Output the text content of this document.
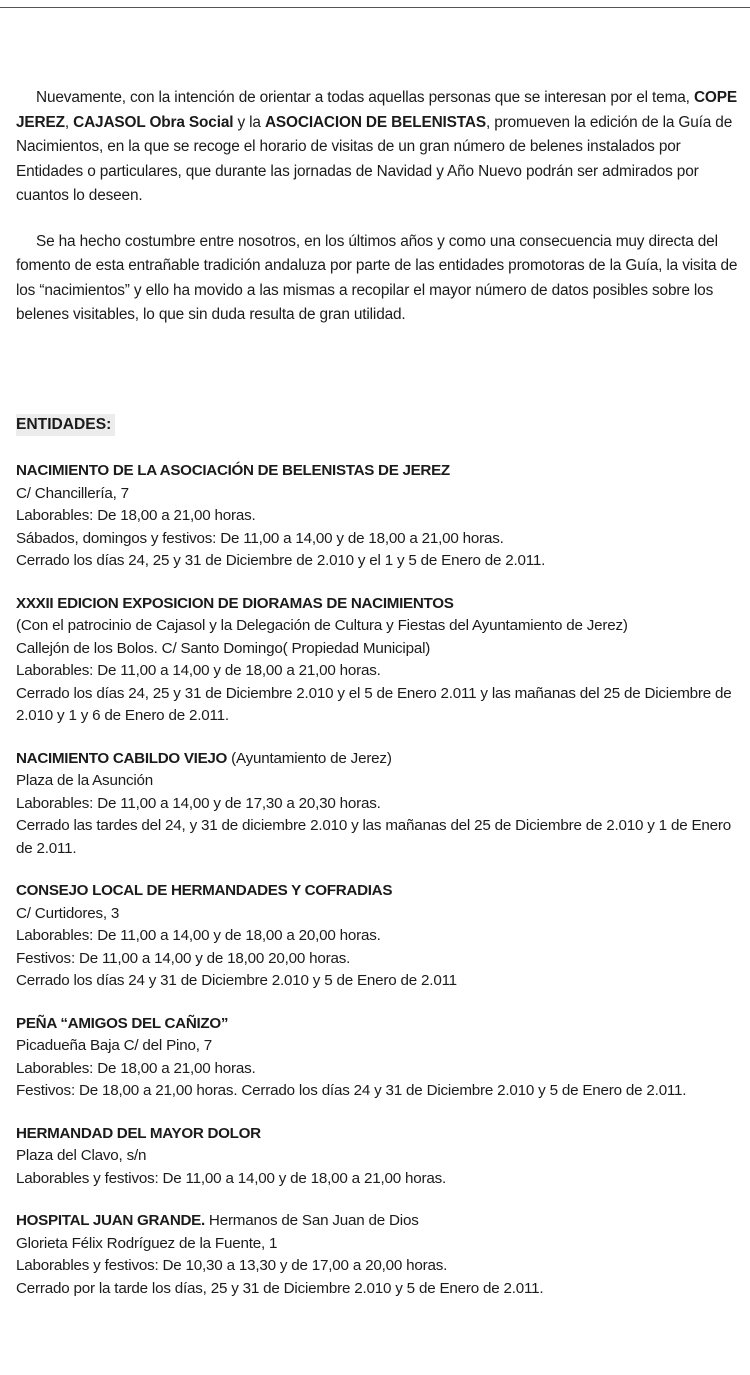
Nuevamente, con la intención de orientar a todas aquellas personas que se interesan por el tema, COPE JEREZ, CAJASOL Obra Social y la ASOCIACION DE BELENISTAS, promueven la edición de la Guía de Nacimientos, en la que se recoge el horario de visitas de un gran número de belenes instalados por Entidades o particulares, que durante las jornadas de Navidad y Año Nuevo podrán ser admirados por cuantos lo deseen.

Se ha hecho costumbre entre nosotros, en los últimos años y como una consecuencia muy directa del fomento de esta entrañable tradición andaluza por parte de las entidades promotoras de la Guía, la visita de los “nacimientos” y ello ha movido a las mismas a recopilar el mayor número de datos posibles sobre los belenes visitables, lo que sin duda resulta de gran utilidad.

ENTIDADES:
NACIMIENTO DE LA ASOCIACIÓN DE BELENISTAS DE JEREZ
C/ Chancillería, 7
Laborables: De 18,00 a 21,00 horas.
Sábados, domingos y festivos: De 11,00 a 14,00 y de 18,00 a 21,00 horas.
Cerrado los días 24, 25 y 31 de Diciembre de 2.010 y el 1 y 5 de Enero de 2.011.
XXXII EDICION EXPOSICION DE DIORAMAS DE NACIMIENTOS
(Con el patrocinio de Cajasol y la Delegación de Cultura y Fiestas del Ayuntamiento de Jerez)
Callejón de los Bolos. C/ Santo Domingo( Propiedad Municipal)
Laborables: De 11,00 a 14,00 y de 18,00 a 21,00 horas.
Cerrado los días 24, 25 y 31 de Diciembre 2.010 y el 5 de Enero 2.011 y las mañanas del 25 de Diciembre de 2.010 y 1 y 6 de Enero de 2.011.
NACIMIENTO CABILDO VIEJO (Ayuntamiento de Jerez)
Plaza de la Asunción
Laborables: De 11,00 a 14,00 y de 17,30 a 20,30 horas.
Cerrado las tardes del 24, y 31 de diciembre 2.010 y las mañanas del 25 de Diciembre de 2.010 y 1 de Enero de 2.011.
CONSEJO LOCAL DE HERMANDADES Y COFRADIAS
C/ Curtidores, 3
Laborables: De 11,00 a 14,00 y de 18,00 a 20,00 horas.
Festivos: De 11,00 a 14,00 y de 18,00 20,00 horas.
Cerrado los días 24 y 31 de Diciembre 2.010 y 5 de Enero de 2.011
PEÑA “AMIGOS DEL CAÑIZO”
Picadueña Baja C/ del Pino, 7
Laborables: De 18,00 a 21,00 horas.
Festivos: De 18,00 a 21,00 horas. Cerrado los días 24 y 31 de Diciembre 2.010 y 5 de Enero de 2.011.
HERMANDAD DEL MAYOR DOLOR
Plaza del Clavo, s/n
Laborables y festivos: De 11,00 a 14,00 y de 18,00 a 21,00 horas.
HOSPITAL JUAN GRANDE. Hermanos de San Juan de Dios
Glorieta Félix Rodríguez de la Fuente, 1
Laborables y festivos: De 10,30 a 13,30 y de 17,00 a 20,00 horas.
Cerrado por la tarde los días, 25 y 31 de Diciembre 2.010 y 5 de Enero de 2.011.
